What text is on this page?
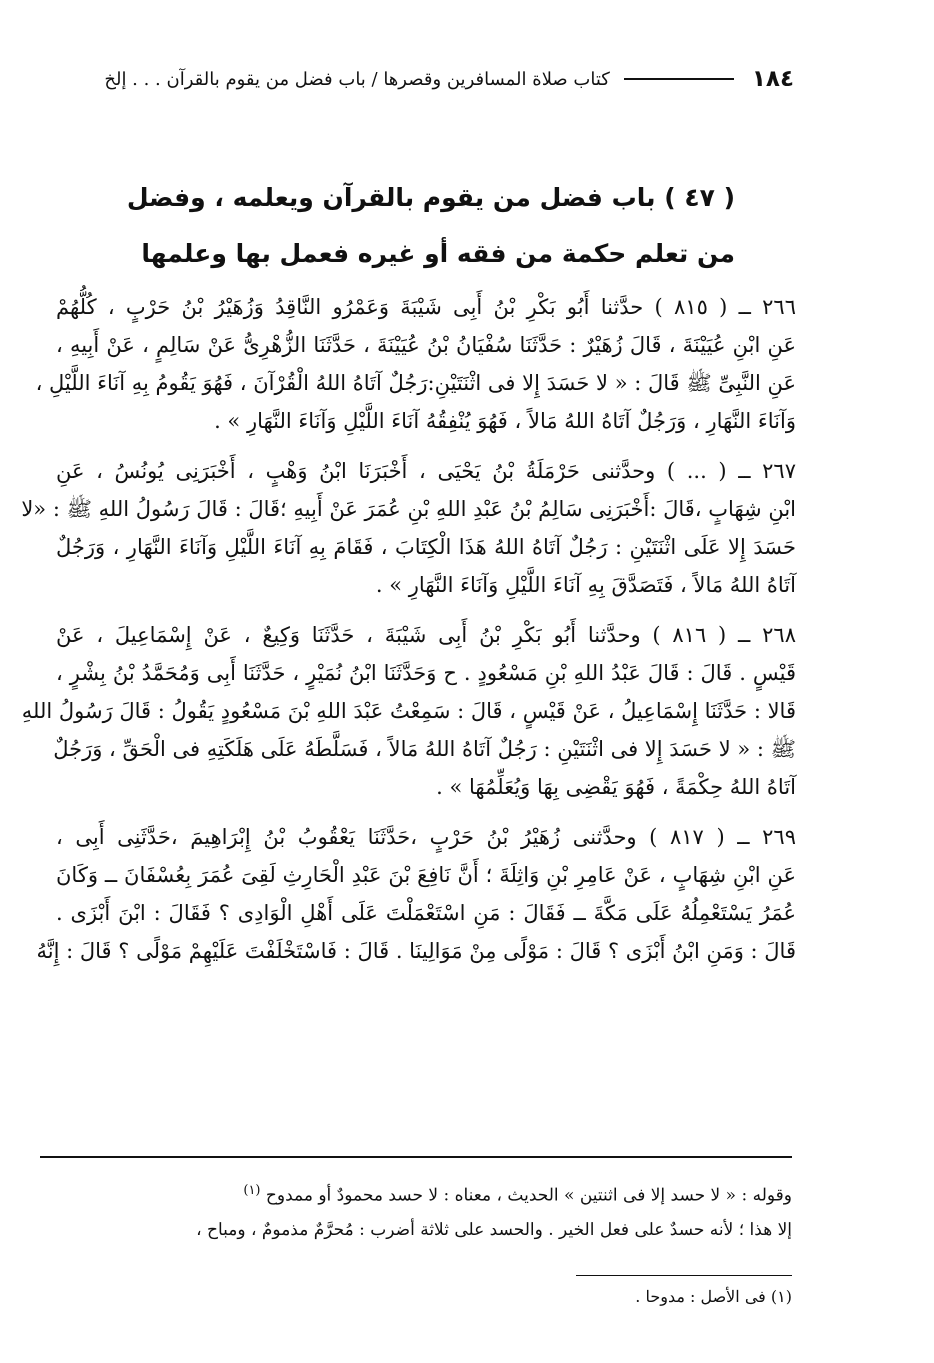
١٨٤
كتاب صلاة المسافرين وقصرها / باب فضل من يقوم بالقرآن . . . إلخ
( ٤٧ ) باب فضل من يقوم بالقرآن ويعلمه ، وفضل
من تعلم حكمة من فقه أو غيره فعمل بها وعلمها
٢٦٦ ــ ( ٨١٥ ) حدَّثنا أَبُو بَكْرِ بْنُ أَبِى شَيْبَةَ وَعَمْرُو النَّاقِدُ وَزُهَيْرُ بْنُ حَرْبٍ ، كُلُّهُمْ
عَنِ ابْنِ عُيَيْنَةَ ، قَالَ زُهَيْرٌ : حَدَّثَنَا سُفْيَانُ بْنُ عُيَيْنَةَ ، حَدَّثَنَا الزُّهْرِىُّ عَنْ سَالِمٍ ، عَنْ أَبِيهِ ،
عَنِ النَّبِىِّ ﷺ قَالَ : « لا حَسَدَ إِلا فى اثْنَتَيْنِ:رَجُلٌ آتَاهُ اللهُ الْقُرْآنَ ، فَهُوَ يَقُومُ بِهِ آنَاءَ اللَّيْلِ ،
وَآنَاءَ النَّهَارِ ، وَرَجُلٌ آتَاهُ اللهُ مَالاً ، فَهُوَ يُنْفِقُهُ آنَاءَ اللَّيْلِ وَآنَاءَ النَّهَارِ » .
٢٦٧ ــ ( ... ) وحدَّثنى حَرْمَلَةُ بْنُ يَحْيَى ، أَخْبَرَنَا ابْنُ وَهْبٍ ، أَخْبَرَنِى يُونُسُ ، عَنِ
ابْنِ شِهَابٍ ،قَالَ :أَخْبَرَنِى سَالِمُ بْنُ عَبْدِ اللهِ بْنِ عُمَرَ عَنْ أَبِيهِ ؛قَالَ : قَالَ رَسُولُ اللهِ ﷺ : «لا
حَسَدَ إِلا عَلَى اثْنَتَيْنِ : رَجُلٌ آتَاهُ اللهُ هَذَا الْكِتَابَ ، فَقَامَ بِهِ آنَاءَ اللَّيْلِ وَآنَاءَ النَّهَارِ ، وَرَجُلٌ
آتَاهُ اللهُ مَالاً ، فَتَصَدَّقَ بِهِ آنَاءَ اللَّيْلِ وَآنَاءَ النَّهَارِ » .
٢٦٨ ــ ( ٨١٦ ) وحدَّثنا أَبُو بَكْرِ بْنُ أَبِى شَيْبَةَ ، حَدَّثَنَا وَكِيعٌ ، عَنْ إِسْمَاعِيلَ ، عَنْ
قَيْسٍ . قَالَ : قَالَ عَبْدُ اللهِ بْنِ مَسْعُودٍ . ح وَحَدَّثَنَا ابْنُ نُمَيْرٍ ، حَدَّثَنَا أَبِى وَمُحَمَّدُ بْنُ بِشْرٍ ،
قَالا : حَدَّثَنَا إِسْمَاعِيلُ ، عَنْ قَيْسٍ ، قَالَ : سَمِعْتُ عَبْدَ اللهِ بْنَ مَسْعُودٍ يَقُولُ : قَالَ رَسُولُ اللهِ
ﷺ : « لا حَسَدَ إِلا فى اثْنَتَيْنِ : رَجُلٌ آتَاهُ اللهُ مَالاً ، فَسَلَّطَهُ عَلَى هَلَكَتِهِ فى الْحَقِّ ، وَرَجُلٌ
آتَاهُ اللهُ حِكْمَةً ، فَهُوَ يَقْضِى بِهَا وَيُعَلِّمُهَا » .
٢٦٩ ــ ( ٨١٧ ) وحدَّثنى زُهَيْرُ بْنُ حَرْبٍ ،حَدَّثَنَا يَعْقُوبُ بْنُ إِبْرَاهِيمَ ،حَدَّثَنِى أَبِى ،
عَنِ ابْنِ شِهَابٍ ، عَنْ عَامِرِ بْنِ وَاثِلَةَ ؛ أَنَّ نَافِعَ بْنَ عَبْدِ الْحَارِثِ لَقِىَ عُمَرَ بِعُسْفَانَ ــ وَكَانَ
عُمَرُ يَسْتَعْمِلُهُ عَلَى مَكَّةَ ــ فَقَالَ : مَنِ اسْتَعْمَلْتَ عَلَى أَهْلِ الْوَادِى ؟ فَقَالَ : ابْنَ أَبْزَى .
قَالَ : وَمَنِ ابْنُ أَبْزَى ؟ قَالَ : مَوْلًى مِنْ مَوَالِينَا . قَالَ : فَاسْتَخْلَفْتَ عَلَيْهِمْ مَوْلًى ؟ قَالَ : إِنَّهُ
وقوله : « لا حسد إلا فى اثنتين » الحديث ، معناه : لا حسد محمودٌ أو ممدوح $^{(١)}$
إلا هذا ؛ لأنه حسدٌ على فعل الخير . والحسد على ثلاثة أضرب : مُحرَّمٌ مذمومٌ ، ومباح ،
(١) فى الأصل : مدوحا .
